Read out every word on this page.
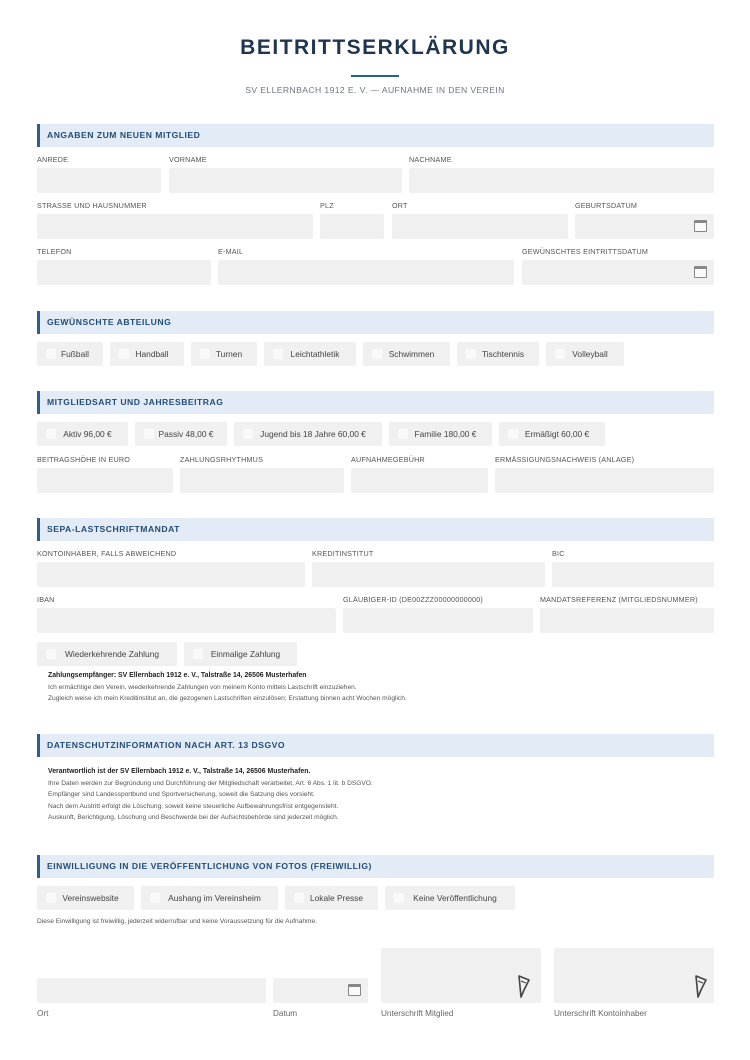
BEITRITTSERKLÄRUNG
SV ELLERNBACH 1912 E. V. — AUFNAHME IN DEN VEREIN
ANGABEN ZUM NEUEN MITGLIED
ANREDE	VORNAME	NACHNAME
STRASSE UND HAUSNUMMER	PLZ	ORT	GEBURTSDATUM
TELEFON	E-MAIL	GEWÜNSCHTES EINTRITTSDATUM
GEWÜNSCHTE ABTEILUNG
Fußball	Handball	Turnen	Leichtathletik	Schwimmen	Tischtennis	Volleyball
MITGLIEDSART UND JAHRESBEITRAG
Aktiv 96,00 €	Passiv 48,00 €	Jugend bis 18 Jahre 60,00 €	Familie 180,00 €	Ermäßigt 60,00 €
BEITRAGSHÖHE IN EURO	ZAHLUNGSRHYTHMUS	AUFNAHMEGEBÜHR	ERMÄSSIGUNGSNACHWEIS (ANLAGE)
SEPA-LASTSCHRIFTMANDAT
KONTOINHABER, FALLS ABWEICHEND	KREDITINSTITUT	BIC
IBAN	GLÄUBIGER-ID (DE00ZZZ00000000000)	MANDATSREFERENZ (MITGLIEDSNUMMER)
Wiederkehrende Zahlung	Einmalige Zahlung
Zahlungsempfänger: SV Ellernbach 1912 e. V., Talstraße 14, 26506 Musterhafen
Ich ermächtige den Verein, wiederkehrende Zahlungen von meinem Konto mittels Lastschrift einzuziehen.
Zugleich weise ich mein Kreditinstitut an, die gezogenen Lastschriften einzulösen; Erstattung binnen acht Wochen möglich.
DATENSCHUTZINFORMATION NACH ART. 13 DSGVO
Verantwortlich ist der SV Ellernbach 1912 e. V., Talstraße 14, 26506 Musterhafen.
Ihre Daten werden zur Begründung und Durchführung der Mitgliedschaft verarbeitet, Art. 6 Abs. 1 lit. b DSGVO.
Empfänger sind Landessportbund und Sportversicherung, soweit die Satzung dies vorsieht.
Nach dem Austritt erfolgt die Löschung, soweit keine steuerliche Aufbewahrungsfrist entgegensteht.
Auskunft, Berichtigung, Löschung und Beschwerde bei der Aufsichtsbehörde sind jederzeit möglich.
EINWILLIGUNG IN DIE VERÖFFENTLICHUNG VON FOTOS (FREIWILLIG)
Vereinswebsite	Aushang im Vereinsheim	Lokale Presse	Keine Veröffentlichung
Diese Einwilligung ist freiwillig, jederzeit widerrufbar und keine Voraussetzung für die Aufnahme.
Ort	Datum	Unterschrift Mitglied	Unterschrift Kontoinhaber
